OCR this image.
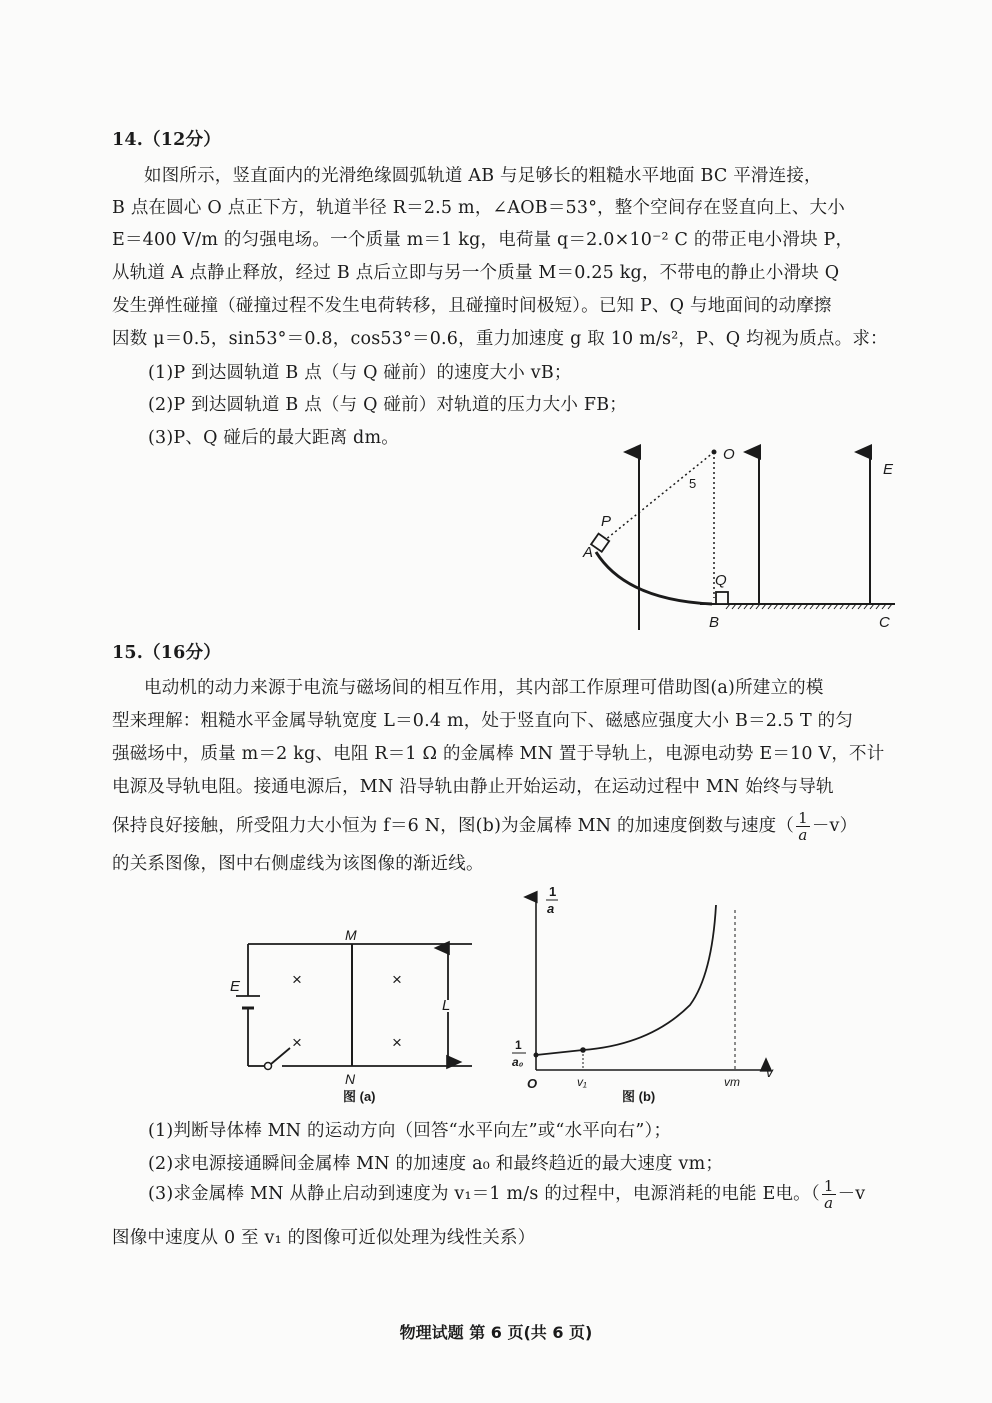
14.（12分）
如图所示，竖直面内的光滑绝缘圆弧轨道 AB 与足够长的粗糙水平地面 BC 平滑连接，
B 点在圆心 O 点正下方，轨道半径 R＝2.5 m，∠AOB＝53°，整个空间存在竖直向上、大小
E＝400 V/m 的匀强电场。一个质量 m＝1 kg，电荷量 q＝2.0×10⁻² C 的带正电小滑块 P，
从轨道 A 点静止释放，经过 B 点后立即与另一个质量 M＝0.25 kg，不带电的静止小滑块 Q
发生弹性碰撞（碰撞过程不发生电荷转移，且碰撞时间极短）。已知 P、Q 与地面间的动摩擦
因数 μ＝0.5，sin53°＝0.8，cos53°＝0.6，重力加速度 g 取 10 m/s²，P、Q 均视为质点。求：
(1)P 到达圆轨道 B 点（与 Q 碰前）的速度大小 vB；
(2)P 到达圆轨道 B 点（与 Q 碰前）对轨道的压力大小 FB；
(3)P、Q 碰后的最大距离 dm。
O
5
P
A
Q
B	C
E
15.（16分）
电动机的动力来源于电流与磁场间的相互作用，其内部工作原理可借助图(a)所建立的模
型来理解：粗糙水平金属导轨宽度 L＝0.4 m，处于竖直向下、磁感应强度大小 B＝2.5 T 的匀
强磁场中，质量 m＝2 kg、电阻 R＝1 Ω 的金属棒 MN 置于导轨上，电源电动势 E＝10 V，不计
电源及导轨电阻。接通电源后，MN 沿导轨由静止开始运动，在运动过程中 MN 始终与导轨
保持良好接触，所受阻力大小恒为 f＝6 N，图(b)为金属棒 MN 的加速度倒数与速度（ $\frac{1}{a} -v$）
的关系图像，图中右侧虚线为该图像的渐近线。
M
N
E
L
×	×
×	×
图 (a)
1
a
1
a₀
O	v₁	vm
v
图 (b)
(1)判断导体棒 MN 的运动方向（回答“水平向左”或“水平向右”）；
(2)求电源接通瞬间金属棒 MN 的加速度 a₀ 和最终趋近的最大速度 vm；
(3)求金属棒 MN 从静止启动到速度为 v₁＝1 m/s 的过程中，电源消耗的电能 E电。（ $\frac{1}{a} -v$
图像中速度从 0 至 v₁ 的图像可近似处理为线性关系）
物理试题 第 6 页(共 6 页)
